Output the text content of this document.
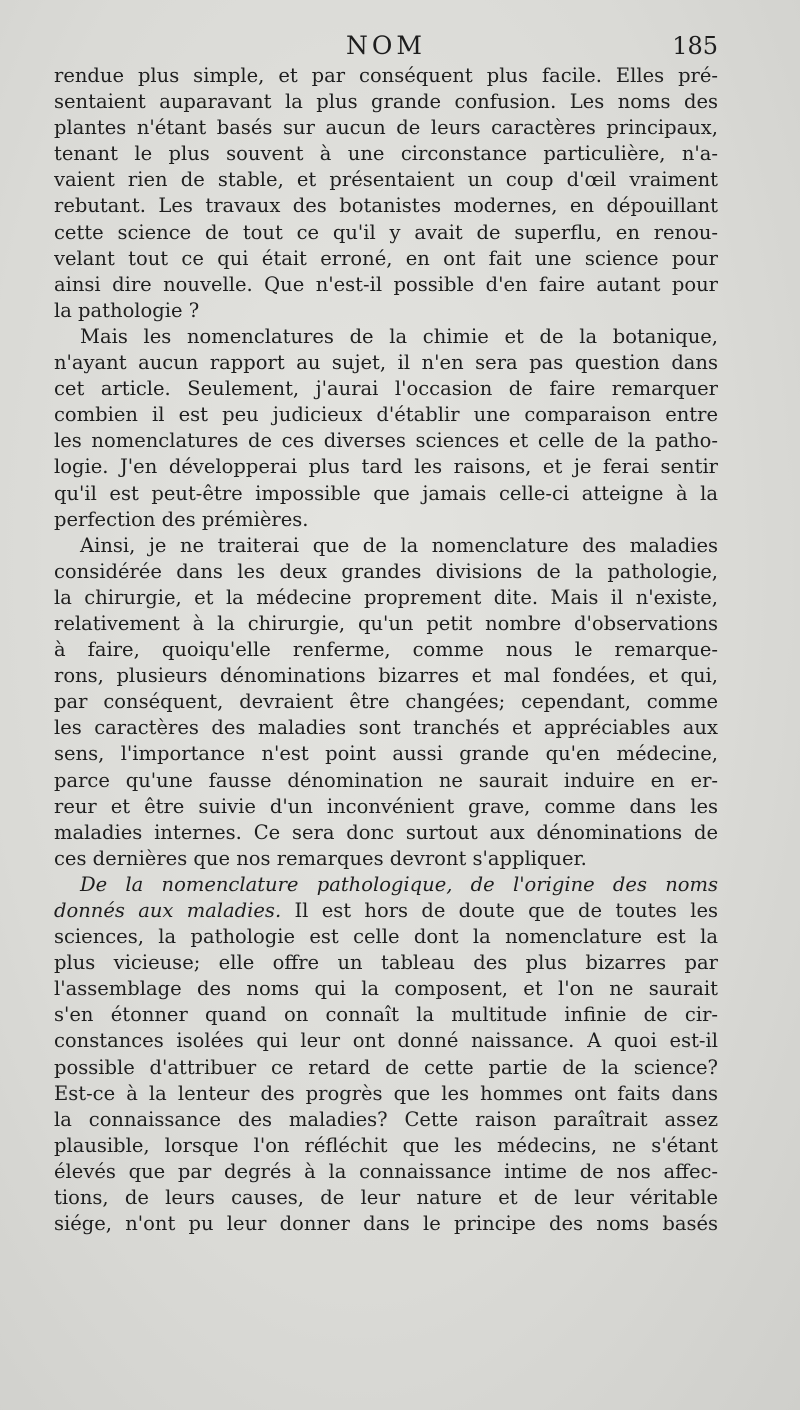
NOM	185
rendue plus simple, et par conséquent plus facile. Elles pré-
sentaient auparavant la plus grande confusion. Les noms des
plantes n'étant basés sur aucun de leurs caractères principaux,
tenant le plus souvent à une circonstance particulière, n'a-
vaient rien de stable, et présentaient un coup d'œil vraiment
rebutant. Les travaux des botanistes modernes, en dépouillant
cette science de tout ce qu'il y avait de superflu, en renou-
velant tout ce qui était erroné, en ont fait une science pour
ainsi dire nouvelle. Que n'est-il possible d'en faire autant pour
la pathologie ?
Mais les nomenclatures de la chimie et de la botanique,
n'ayant aucun rapport au sujet, il n'en sera pas question dans
cet article. Seulement, j'aurai l'occasion de faire remarquer
combien il est peu judicieux d'établir une comparaison entre
les nomenclatures de ces diverses sciences et celle de la patho-
logie. J'en développerai plus tard les raisons, et je ferai sentir
qu'il est peut-être impossible que jamais celle-ci atteigne à la
perfection des prémières.
Ainsi, je ne traiterai que de la nomenclature des maladies
considérée dans les deux grandes divisions de la pathologie,
la chirurgie, et la médecine proprement dite. Mais il n'existe,
relativement à la chirurgie, qu'un petit nombre d'observations
à faire, quoiqu'elle renferme, comme nous le remarque-
rons, plusieurs dénominations bizarres et mal fondées, et qui,
par conséquent, devraient être changées; cependant, comme
les caractères des maladies sont tranchés et appréciables aux
sens, l'importance n'est point aussi grande qu'en médecine,
parce qu'une fausse dénomination ne saurait induire en er-
reur et être suivie d'un inconvénient grave, comme dans les
maladies internes. Ce sera donc surtout aux dénominations de
ces dernières que nos remarques devront s'appliquer.
De la nomenclature pathologique, de l'origine des noms
donnés aux maladies. Il est hors de doute que de toutes les
sciences, la pathologie est celle dont la nomenclature est la
plus vicieuse; elle offre un tableau des plus bizarres par
l'assemblage des noms qui la composent, et l'on ne saurait
s'en étonner quand on connaît la multitude infinie de cir-
constances isolées qui leur ont donné naissance. A quoi est-il
possible d'attribuer ce retard de cette partie de la science?
Est-ce à la lenteur des progrès que les hommes ont faits dans
la connaissance des maladies? Cette raison paraîtrait assez
plausible, lorsque l'on réfléchit que les médecins, ne s'étant
élevés que par degrés à la connaissance intime de nos affec-
tions, de leurs causes, de leur nature et de leur véritable
siége, n'ont pu leur donner dans le principe des noms basés
